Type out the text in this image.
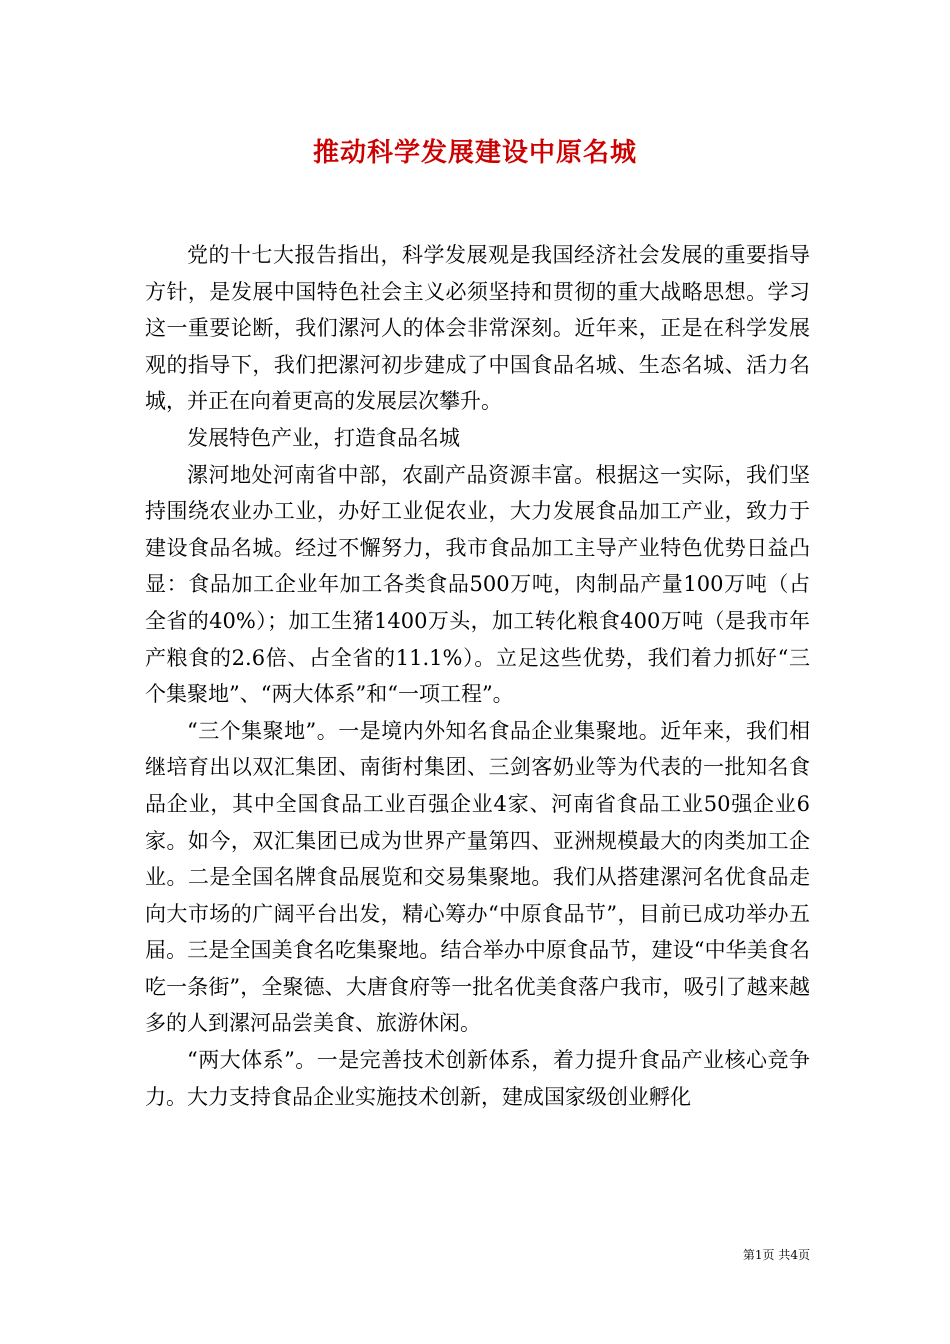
推动科学发展建设中原名城

党的十七大报告指出，科学发展观是我国经济社会发展的重要指导方针，是发展中国特色社会主义必须坚持和贯彻的重大战略思想。学习这一重要论断，我们漯河人的体会非常深刻。近年来，正是在科学发展观的指导下，我们把漯河初步建成了中国食品名城、生态名城、活力名城，并正在向着更高的发展层次攀升。

发展特色产业，打造食品名城

漯河地处河南省中部，农副产品资源丰富。根据这一实际，我们坚持围绕农业办工业，办好工业促农业，大力发展食品加工产业，致力于建设食品名城。经过不懈努力，我市食品加工主导产业特色优势日益凸显：食品加工企业年加工各类食品500万吨，肉制品产量100万吨（占全省的40%）；加工生猪1400万头，加工转化粮食400万吨（是我市年产粮食的2.6倍、占全省的11.1%）。立足这些优势，我们着力抓好“三个集聚地”、“两大体系”和“一项工程”。

“三个集聚地”。一是境内外知名食品企业集聚地。近年来，我们相继培育出以双汇集团、南街村集团、三剑客奶业等为代表的一批知名食品企业，其中全国食品工业百强企业4家、河南省食品工业50强企业6家。如今，双汇集团已成为世界产量第四、亚洲规模最大的肉类加工企业。二是全国名牌食品展览和交易集聚地。我们从搭建漯河名优食品走向大市场的广阔平台出发，精心筹办“中原食品节”，目前已成功举办五届。三是全国美食名吃集聚地。结合举办中原食品节，建设“中华美食名吃一条街”，全聚德、大唐食府等一批名优美食落户我市，吸引了越来越多的人到漯河品尝美食、旅游休闲。

“两大体系”。一是完善技术创新体系，着力提升食品产业核心竞争力。大力支持食品企业实施技术创新，建成国家级创业孵化

第1页 共4页
